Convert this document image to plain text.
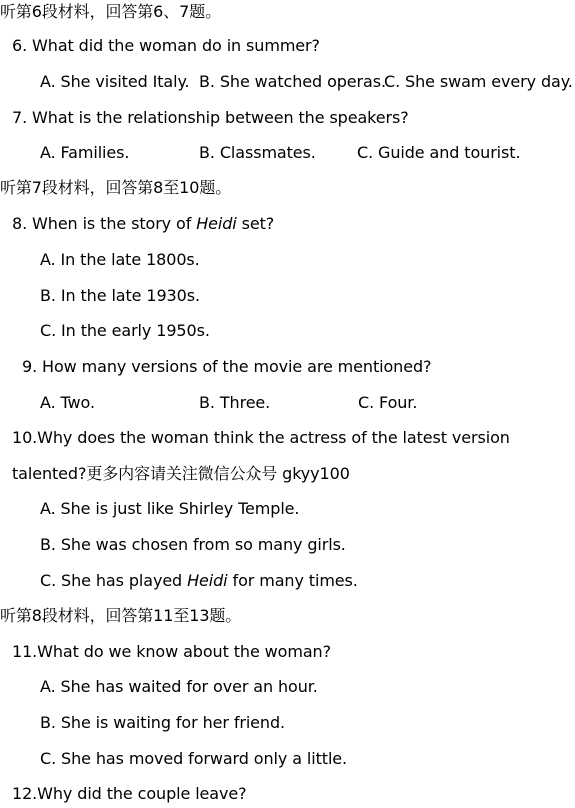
听第6段材料，回答第6、7题。
6. What did the woman do in summer?
A. She visited Italy. B. She watched operas.
C. She swam every day.
7. What is the relationship between the speakers?
A. Families.	B. Classmates.	C. Guide and tourist.
听第7段材料，回答第8至10题。
8. When is the story of Heidi set?
A. In the late 1800s.
B. In the late 1930s.
C. In the early 1950s.
9. How many versions of the movie are mentioned?
A. Two.	B. Three.	C. Four.
10.Why does the woman think the actress of the latest version
talented?更多内容请关注微信公众号 gkyy100
A. She is just like Shirley Temple.
B. She was chosen from so many girls.
C. She has played Heidi for many times.
听第8段材料，回答第11至13题。
11.What do we know about the woman?
A. She has waited for over an hour.
B. She is waiting for her friend.
C. She has moved forward only a little.
12.Why did the couple leave?
